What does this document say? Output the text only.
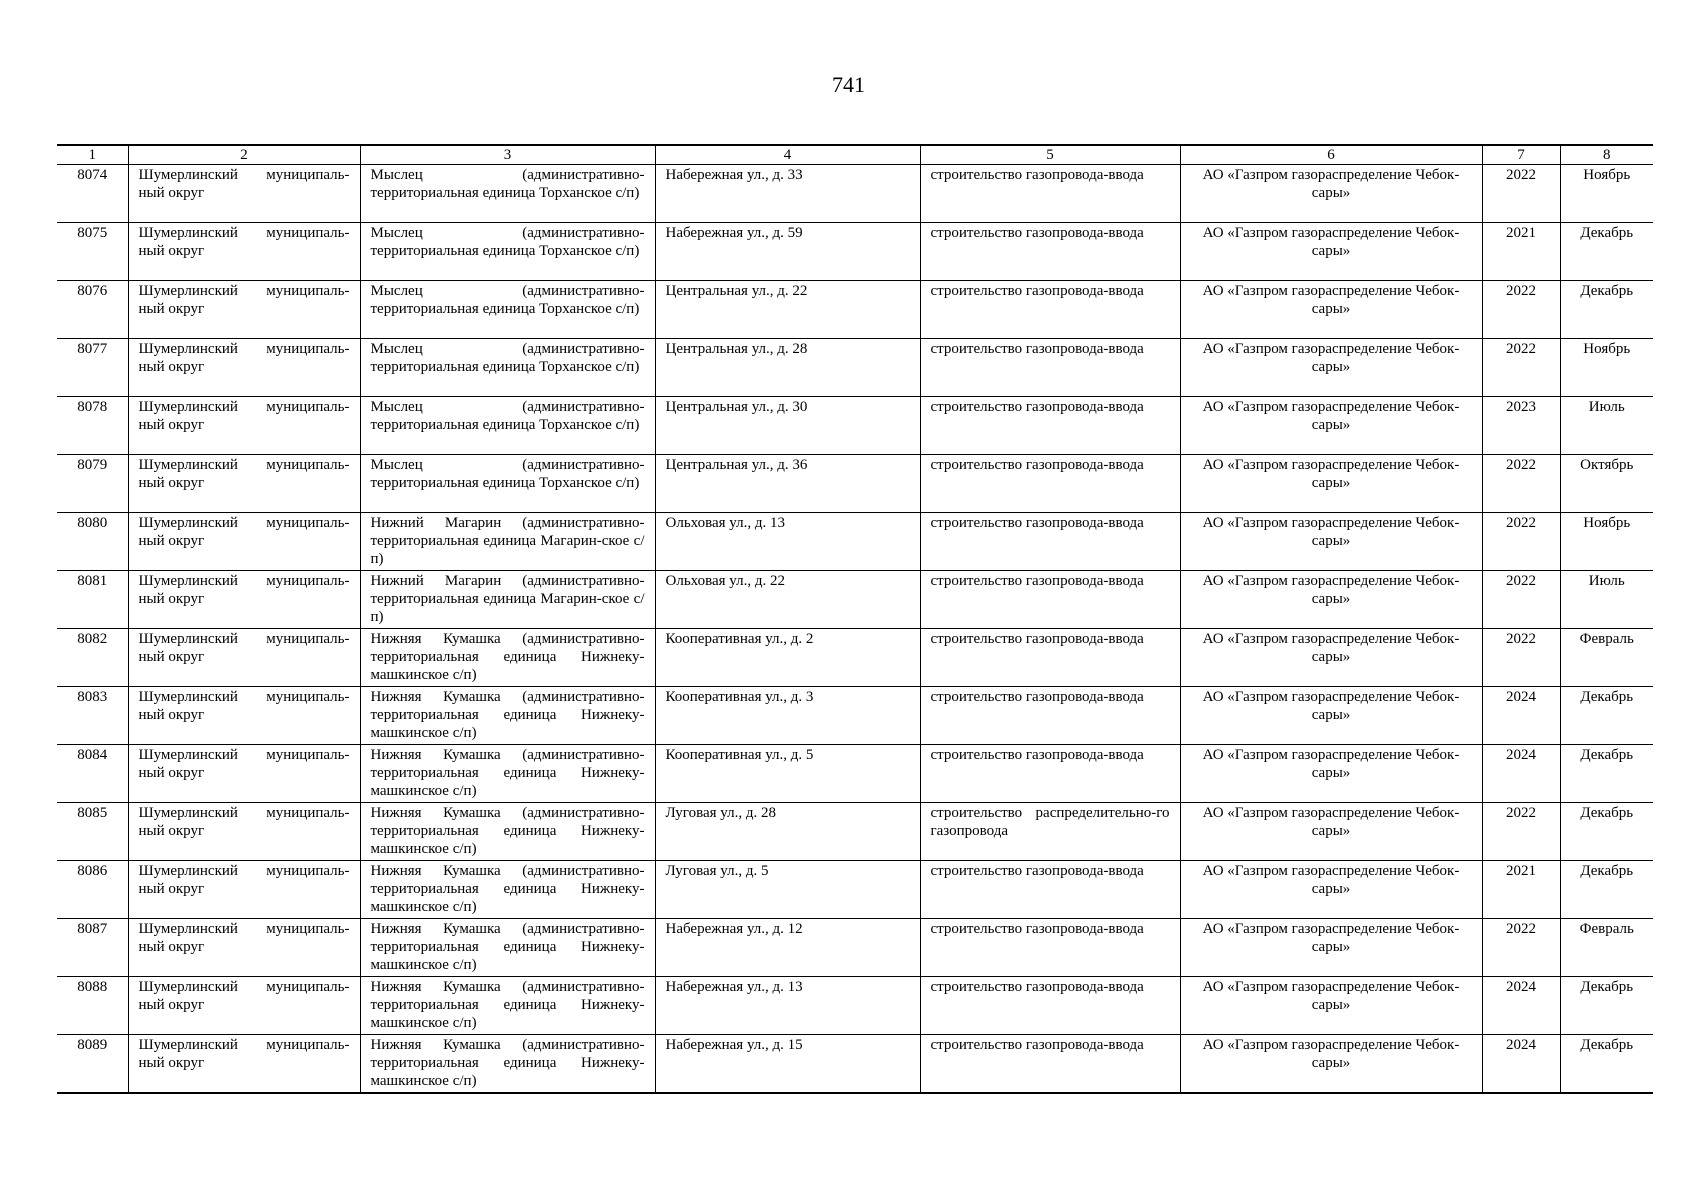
741
1	2	3	4	5	6	7	8
8074	Шумерлинский муниципаль-ный округ	Мыслец (административно-территориальная единица Торханское с/п)	Набережная ул., д. 33	строительство газопровода-ввода	АО «Газпром газораспределение Чебок-сары»	2022	Ноябрь
8075	Шумерлинский муниципаль-ный округ	Мыслец (административно-территориальная единица Торханское с/п)	Набережная ул., д. 59	строительство газопровода-ввода	АО «Газпром газораспределение Чебок-сары»	2021	Декабрь
8076	Шумерлинский муниципаль-ный округ	Мыслец (административно-территориальная единица Торханское с/п)	Центральная ул., д. 22	строительство газопровода-ввода	АО «Газпром газораспределение Чебок-сары»	2022	Декабрь
8077	Шумерлинский муниципаль-ный округ	Мыслец (административно-территориальная единица Торханское с/п)	Центральная ул., д. 28	строительство газопровода-ввода	АО «Газпром газораспределение Чебок-сары»	2022	Ноябрь
8078	Шумерлинский муниципаль-ный округ	Мыслец (административно-территориальная единица Торханское с/п)	Центральная ул., д. 30	строительство газопровода-ввода	АО «Газпром газораспределение Чебок-сары»	2023	Июль
8079	Шумерлинский муниципаль-ный округ	Мыслец (административно-территориальная единица Торханское с/п)	Центральная ул., д. 36	строительство газопровода-ввода	АО «Газпром газораспределение Чебок-сары»	2022	Октябрь
8080	Шумерлинский муниципаль-ный округ	Нижний Магарин (административно-территориальная единица Магарин-ское с/п)	Ольховая ул., д. 13	строительство газопровода-ввода	АО «Газпром газораспределение Чебок-сары»	2022	Ноябрь
8081	Шумерлинский муниципаль-ный округ	Нижний Магарин (административно-территориальная единица Магарин-ское с/п)	Ольховая ул., д. 22	строительство газопровода-ввода	АО «Газпром газораспределение Чебок-сары»	2022	Июль
8082	Шумерлинский муниципаль-ный округ	Нижняя Кумашка (административно-территориальная единица Нижнеку-машкинское с/п)	Кооперативная ул., д. 2	строительство газопровода-ввода	АО «Газпром газораспределение Чебок-сары»	2022	Февраль
8083	Шумерлинский муниципаль-ный округ	Нижняя Кумашка (административно-территориальная единица Нижнеку-машкинское с/п)	Кооперативная ул., д. 3	строительство газопровода-ввода	АО «Газпром газораспределение Чебок-сары»	2024	Декабрь
8084	Шумерлинский муниципаль-ный округ	Нижняя Кумашка (административно-территориальная единица Нижнеку-машкинское с/п)	Кооперативная ул., д. 5	строительство газопровода-ввода	АО «Газпром газораспределение Чебок-сары»	2024	Декабрь
8085	Шумерлинский муниципаль-ный округ	Нижняя Кумашка (административно-территориальная единица Нижнеку-машкинское с/п)	Луговая ул., д. 28	строительство распределительно-го газопровода	АО «Газпром газораспределение Чебок-сары»	2022	Декабрь
8086	Шумерлинский муниципаль-ный округ	Нижняя Кумашка (административно-территориальная единица Нижнеку-машкинское с/п)	Луговая ул., д. 5	строительство газопровода-ввода	АО «Газпром газораспределение Чебок-сары»	2021	Декабрь
8087	Шумерлинский муниципаль-ный округ	Нижняя Кумашка (административно-территориальная единица Нижнеку-машкинское с/п)	Набережная ул., д. 12	строительство газопровода-ввода	АО «Газпром газораспределение Чебок-сары»	2022	Февраль
8088	Шумерлинский муниципаль-ный округ	Нижняя Кумашка (административно-территориальная единица Нижнеку-машкинское с/п)	Набережная ул., д. 13	строительство газопровода-ввода	АО «Газпром газораспределение Чебок-сары»	2024	Декабрь
8089	Шумерлинский муниципаль-ный округ	Нижняя Кумашка (административно-территориальная единица Нижнеку-машкинское с/п)	Набережная ул., д. 15	строительство газопровода-ввода	АО «Газпром газораспределение Чебок-сары»	2024	Декабрь
